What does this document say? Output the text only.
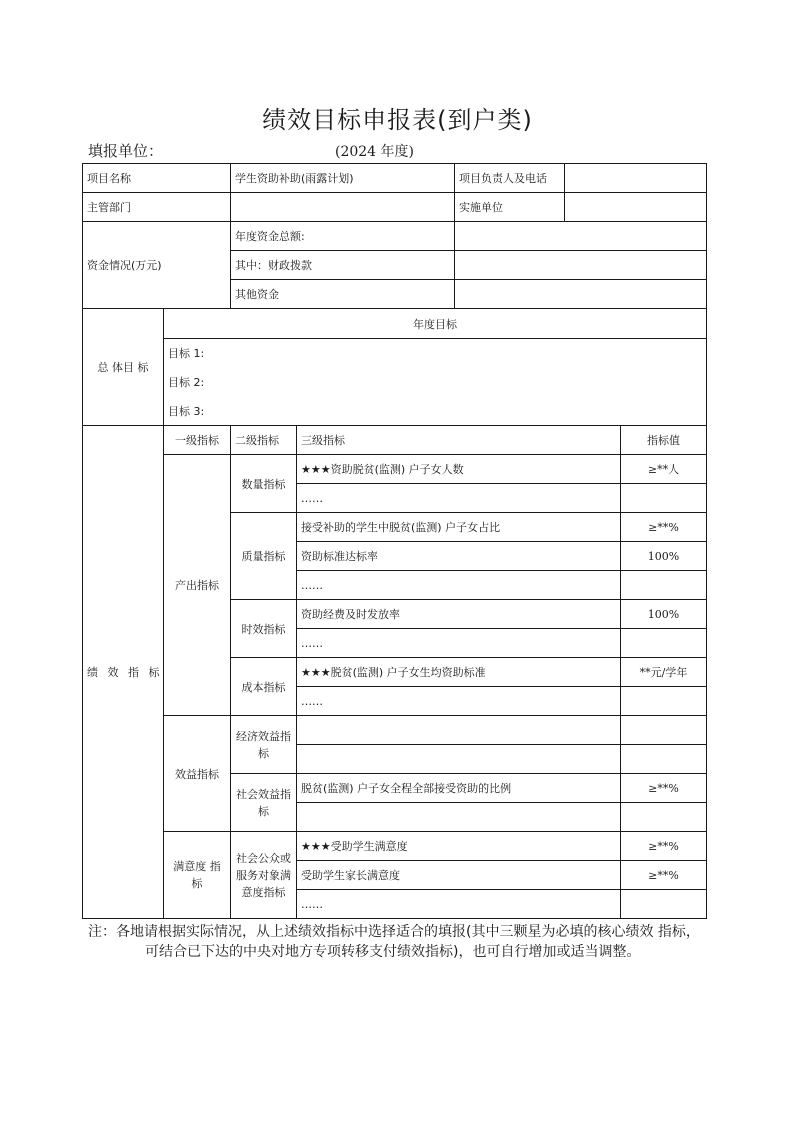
绩效目标申报表(到户类)
填报单位：	(2024 年度)
项目名称		学生资助补助(雨露计划)		项目负责人及电话		
主管部门				实施单位		
资金情况(万元)		年度资金总额:				
		其中：财政拨款				
		其他资金				
总 体目 标	年度目标					
	目标 1:					
	目标 2:					
	目标 3:					
绩 效 指 标	一级指标	二级指标	三级指标			指标值
	产出指标	数量指标	★★★资助脱贫(监测) 户子女人数			≥**人
			……			
		质量指标	接受补助的学生中脱贫(监测) 户子女占比			≥**%
			资助标准达标率			100%
			……			
		时效指标	资助经费及时发放率			100%
			……			
		成本指标	★★★脱贫(监测) 户子女生均资助标准			**元/学年
			……			
	效益指标	经济效益指标				

		社会效益指标	脱贫(监测) 户子女全程全部接受资助的比例			≥**%

	满意度 指标	社会公众或服务对象满意度指标	★★★受助学生满意度			≥**%
			受助学生家长满意度			≥**%
			……			
注：各地请根据实际情况，从上述绩效指标中选择适合的填报(其中三颗星为必填的核心绩效 指标，
可结合已下达的中央对地方专项转移支付绩效指标)，也可自行增加或适当调整。
